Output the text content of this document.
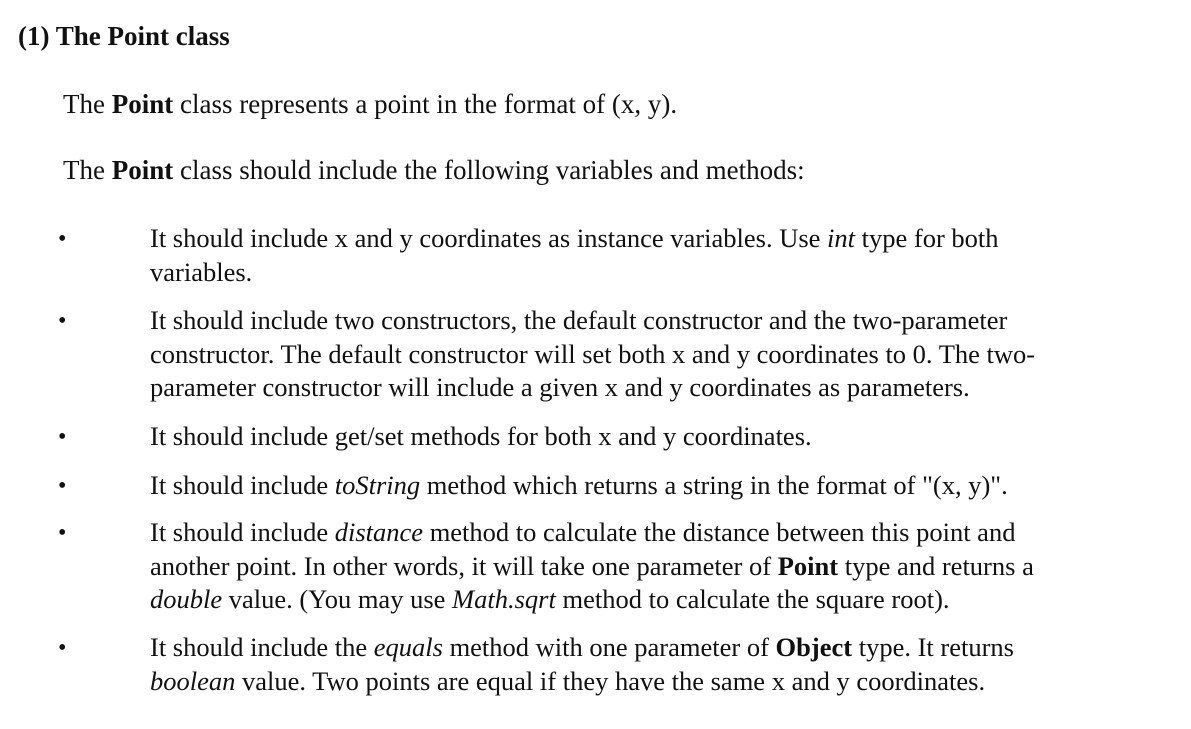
(1) The Point class

The Point class represents a point in the format of (x, y).

The Point class should include the following variables and methods:

•	It should include x and y coordinates as instance variables. Use int type for both
variables.

•	It should include two constructors, the default constructor and the two-parameter
constructor. The default constructor will set both x and y coordinates to 0. The two-
parameter constructor will include a given x and y coordinates as parameters.

•	It should include get/set methods for both x and y coordinates.

•	It should include toString method which returns a string in the format of "(x, y)".

•	It should include distance method to calculate the distance between this point and
another point. In other words, it will take one parameter of Point type and returns a
double value. (You may use Math.sqrt method to calculate the square root).

•	It should include the equals method with one parameter of Object type. It returns
boolean value. Two points are equal if they have the same x and y coordinates.
